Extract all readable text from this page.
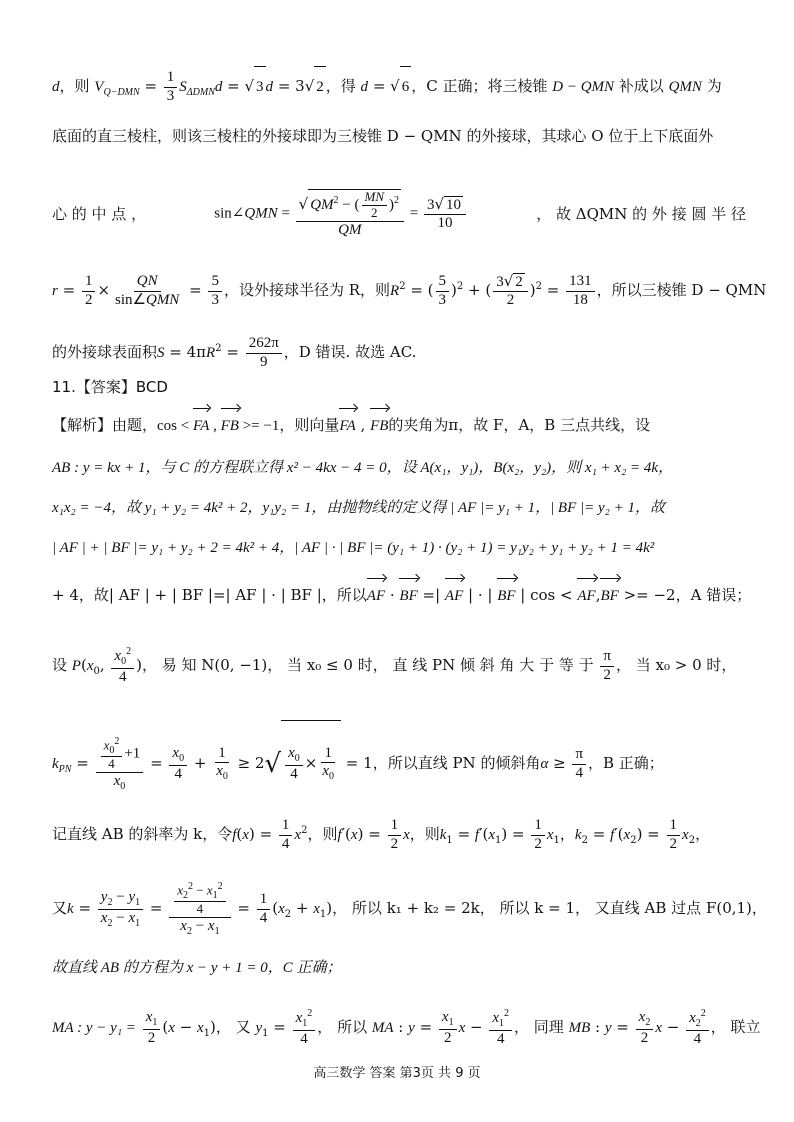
d，则 $V_{Q-DMN} = \frac{1}{3} S_{\Delta DMN}d$ = √ 3 d = 3√ 2 ，得 d = √ 6 ，C 正确；将三棱锥 D − QMN 补成以 QMN 为
底面的直三棱柱，则该三棱柱的外接球即为三棱锥 D − QMN 的外接球，其球心 O 位于上下底面外
心 的 中 点 ，	sin∠QMN = $\frac{√ QM^2 - ( \frac{MN}{2} )^2}{QM} = \frac{3√ 10}{10}$	， 故 ΔQMN 的 外 接 圆 半 径
$r = \frac{1}{2} \times \frac{QN}{\text{sin∠QMN}} = \frac{5}{3}$ ，设外接球半径为 R，则$R^2$ = ( $\frac{5}{3} )^2$ + ( $\frac{3√ 2}{2} )^2 = \frac{131}{18}$ ，所以三棱锥 D − QMN
的外接球表面积$S = 4\pi R^2 = \frac{262\pi}{9}$ ，D 错误. 故选 AC.
11.【答案】BCD
【解析】由题，cos < FA , FB >= −1，则向量FA , FB的夹角为π，故 F，A，B 三点共线，设
AB : y = kx + 1，与 C 的方程联立得 x² − 4kx − 4 = 0，设 A(x₁，y₁)，B(x₂，y₂)，则 x₁ + x₂ = 4k，
x₁x₂ = −4，故 y₁ + y₂ = 4k² + 2，y₁y₂ = 1，由抛物线的定义得 | AF |= y₁ + 1，| BF |= y₂ + 1，故
| AF | + | BF |= y₁ + y₂ + 2 = 4k² + 4，| AF | · | BF |= (y₁ + 1) · (y₂ + 1) = y₁y₂ + y₁ + y₂ + 1 = 4k²
+ 4，故| AF | + | BF |=| AF | · | BF |，所以AF · BF =| AF | · | BF | cos < AF,BF >= −2，A 错误；
设 $P(x_0$, $\frac{x_0^2}{4}$ )， 易 知 N(0, −1)， 当 x₀ ≤ 0 时， 直 线 PN 倾 斜 角 大 于 等 于 $\frac{\pi}{2}$ ， 当 x₀ > 0 时，
$k_{PN} = \frac{\frac{x_0^2}{4} +1}{x_0} = \frac{x_0}{4} + \frac{1}{x_0} \ge 2√ \frac{x_0}{4} \times \frac{1}{x_0} = 1$，所以直线 PN 的倾斜角$\alpha \ge \frac{\pi}{4}$ ，B 正确；
记直线 AB 的斜率为 k，令$f(x) = \frac{1}{4} x^2$，则$f'(x) = \frac{1}{2}$ x，则$k_1 = f'(x_1) = \frac{1}{2} x_1$，$k_2 = f'(x_2) = \frac{1}{2} x_2$，
又$k = \frac{y_2 - y_1}{x_2 - x_1} = \frac{\frac{x_2^2 - x_1^2}{4}}{x_2 - x_1} = \frac{1}{4} (x_2 + x_1)$， 所以 k₁ + k₂ = 2k， 所以 k = 1， 又直线 AB 过点 F(0,1)，
故直线 AB 的方程为 x − y + 1 = 0，C 正确；
MA : $y - y_1 = \frac{x_1}{2} (x - x_1)$， 又 $y_1 = \frac{x_1^2}{4}$ ， 所以 MA : $y = \frac{x_1}{2}$ $x - \frac{x_1^2}{4}$ ， 同理 MB : $y = \frac{x_2}{2}$ $x - \frac{x_2^2}{4}$ ， 联立
高三数学 答案 第3页 共 9 页
